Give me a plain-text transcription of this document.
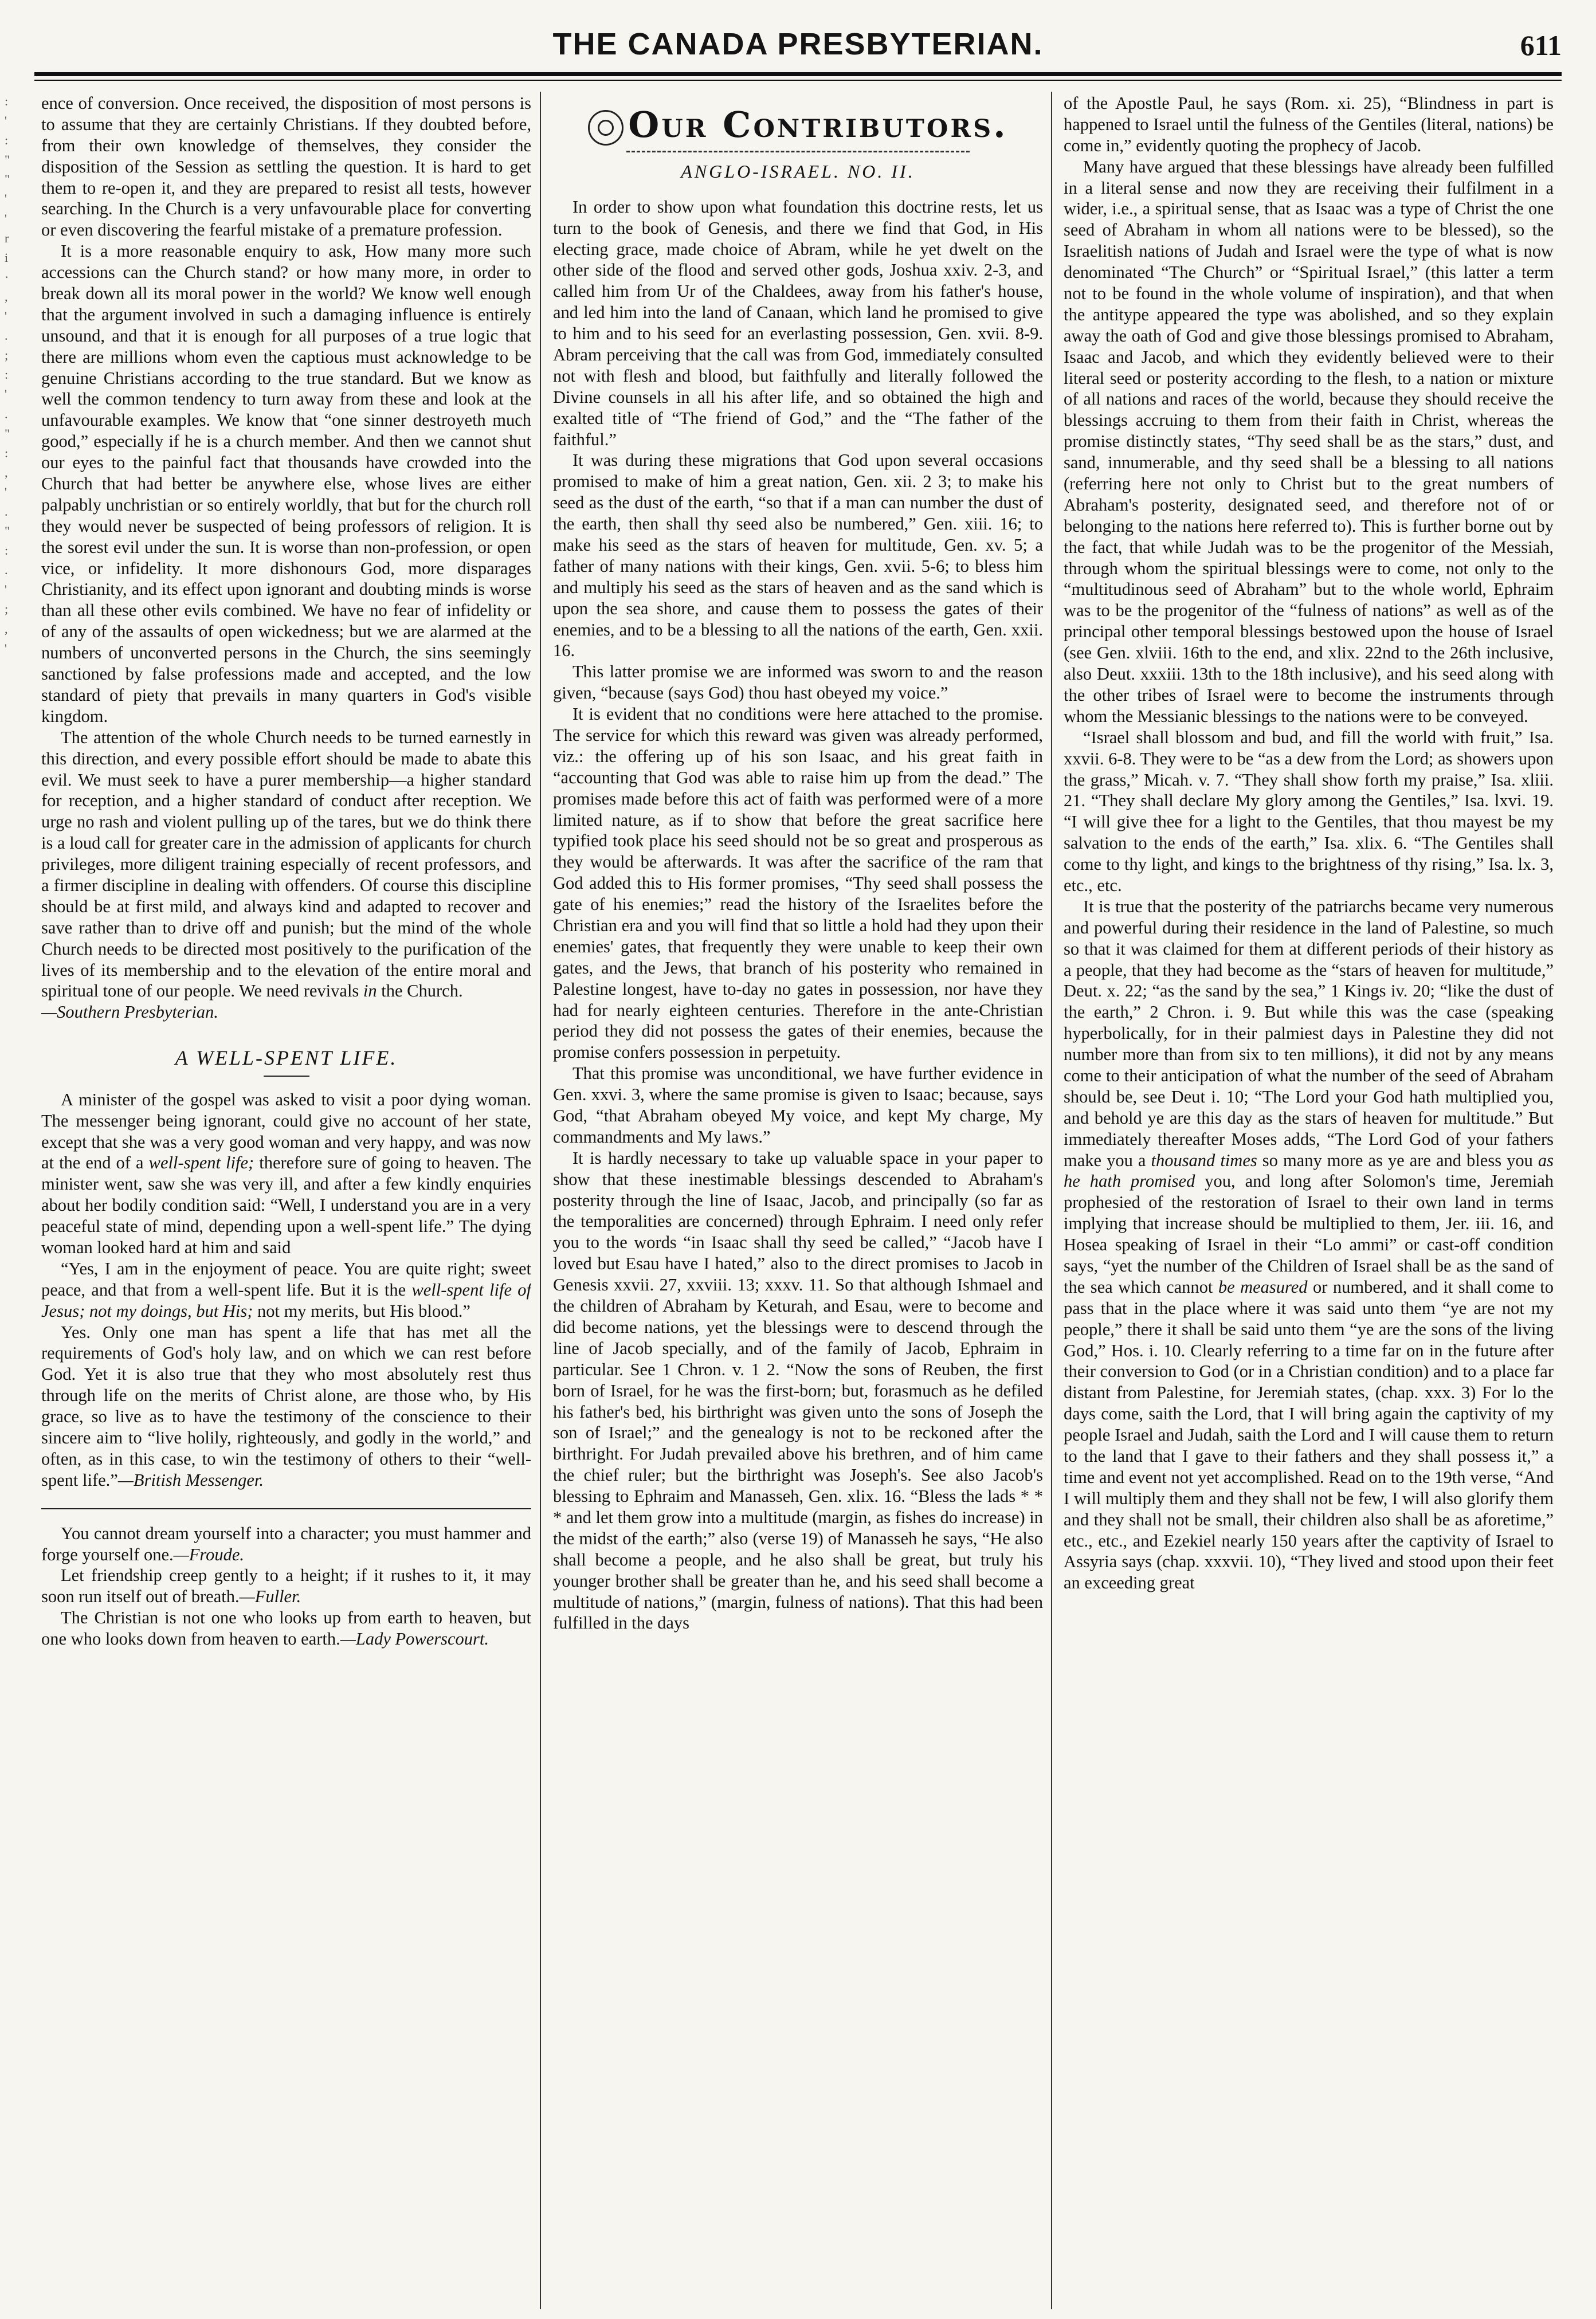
THE CANADA PRESBYTERIAN.	611
:
'
:
"
"
'
'
r
i
·
,
'
.
;
:
'
.
"
:
,
'
.
"
:
.
'
;
,
'

ence of conversion. Once received, the disposition of most persons is to assume that they are certainly Christians. If they doubted before, from their own knowledge of themselves, they consider the disposition of the Session as settling the question. It is hard to get them to re-open it, and they are prepared to resist all tests, however searching. In the Church is a very unfavourable place for converting or even discovering the fearful mistake of a premature profession.

It is a more reasonable enquiry to ask, How many more such accessions can the Church stand? or how many more, in order to break down all its moral power in the world? We know well enough that the argument involved in such a damaging influence is entirely unsound, and that it is enough for all purposes of a true logic that there are millions whom even the captious must acknowledge to be genuine Christians according to the true standard. But we know as well the common tendency to turn away from these and look at the unfavourable examples. We know that “one sinner destroyeth much good,” especially if he is a church member. And then we cannot shut our eyes to the painful fact that thousands have crowded into the Church that had better be anywhere else, whose lives are either palpably unchristian or so entirely worldly, that but for the church roll they would never be suspected of being professors of religion. It is the sorest evil under the sun. It is worse than non-profession, or open vice, or infidelity. It more dishonours God, more disparages Christianity, and its effect upon ignorant and doubting minds is worse than all these other evils combined. We have no fear of infidelity or of any of the assaults of open wickedness; but we are alarmed at the numbers of unconverted persons in the Church, the sins seemingly sanctioned by false professions made and accepted, and the low standard of piety that prevails in many quarters in God's visible kingdom.

The attention of the whole Church needs to be turned earnestly in this direction, and every possible effort should be made to abate this evil. We must seek to have a purer membership—a higher standard for reception, and a higher standard of conduct after reception. We urge no rash and violent pulling up of the tares, but we do think there is a loud call for greater care in the admission of applicants for church privileges, more diligent training especially of recent professors, and a firmer discipline in dealing with offenders. Of course this discipline should be at first mild, and always kind and adapted to recover and save rather than to drive off and punish; but the mind of the whole Church needs to be directed most positively to the purification of the lives of its membership and to the elevation of the entire moral and spiritual tone of our people. We need revivals in the Church.
—Southern Presbyterian.

A WELL-SPENT LIFE.

A minister of the gospel was asked to visit a poor dying woman. The messenger being ignorant, could give no account of her state, except that she was a very good woman and very happy, and was now at the end of a well-spent life; therefore sure of going to heaven. The minister went, saw she was very ill, and after a few kindly enquiries about her bodily condition said: “Well, I understand you are in a very peaceful state of mind, depending upon a well-spent life.” The dying woman looked hard at him and said

“Yes, I am in the enjoyment of peace. You are quite right; sweet peace, and that from a well-spent life. But it is the well-spent life of Jesus; not my doings, but His; not my merits, but His blood.”

Yes. Only one man has spent a life that has met all the requirements of God's holy law, and on which we can rest before God. Yet it is also true that they who most absolutely rest thus through life on the merits of Christ alone, are those who, by His grace, so live as to have the testimony of the conscience to their sincere aim to “live holily, righteously, and godly in the world,” and often, as in this case, to win the testimony of others to their “well-spent life.”—British Messenger.

You cannot dream yourself into a character; you must hammer and forge yourself one.—Froude.

Let friendship creep gently to a height; if it rushes to it, it may soon run itself out of breath.—Fuller.

The Christian is not one who looks up from earth to heaven, but one who looks down from heaven to earth.—Lady Powerscourt.

Our Contributors.
ANGLO-ISRAEL. NO. II.

In order to show upon what foundation this doctrine rests, let us turn to the book of Genesis, and there we find that God, in His electing grace, made choice of Abram, while he yet dwelt on the other side of the flood and served other gods, Joshua xxiv. 2-3, and called him from Ur of the Chaldees, away from his father's house, and led him into the land of Canaan, which land he promised to give to him and to his seed for an everlasting possession, Gen. xvii. 8-9. Abram perceiving that the call was from God, immediately consulted not with flesh and blood, but faithfully and literally followed the Divine counsels in all his after life, and so obtained the high and exalted title of “The friend of God,” and the “The father of the faithful.”

It was during these migrations that God upon several occasions promised to make of him a great nation, Gen. xii. 2 3; to make his seed as the dust of the earth, “so that if a man can number the dust of the earth, then shall thy seed also be numbered,” Gen. xiii. 16; to make his seed as the stars of heaven for multitude, Gen. xv. 5; a father of many nations with their kings, Gen. xvii. 5-6; to bless him and multiply his seed as the stars of heaven and as the sand which is upon the sea shore, and cause them to possess the gates of their enemies, and to be a blessing to all the nations of the earth, Gen. xxii. 16.

This latter promise we are informed was sworn to and the reason given, “because (says God) thou hast obeyed my voice.”

It is evident that no conditions were here attached to the promise. The service for which this reward was given was already performed, viz.: the offering up of his son Isaac, and his great faith in “accounting that God was able to raise him up from the dead.” The promises made before this act of faith was performed were of a more limited nature, as if to show that before the great sacrifice here typified took place his seed should not be so great and prosperous as they would be afterwards. It was after the sacrifice of the ram that God added this to His former promises, “Thy seed shall possess the gate of his enemies;” read the history of the Israelites before the Christian era and you will find that so little a hold had they upon their enemies' gates, that frequently they were unable to keep their own gates, and the Jews, that branch of his posterity who remained in Palestine longest, have to-day no gates in possession, nor have they had for nearly eighteen centuries. Therefore in the ante-Christian period they did not possess the gates of their enemies, because the promise confers possession in perpetuity.

That this promise was unconditional, we have further evidence in Gen. xxvi. 3, where the same promise is given to Isaac; because, says God, “that Abraham obeyed My voice, and kept My charge, My commandments and My laws.”

It is hardly necessary to take up valuable space in your paper to show that these inestimable blessings descended to Abraham's posterity through the line of Isaac, Jacob, and principally (so far as the temporalities are concerned) through Ephraim. I need only refer you to the words “in Isaac shall thy seed be called,” “Jacob have I loved but Esau have I hated,” also to the direct promises to Jacob in Genesis xxvii. 27, xxviii. 13; xxxv. 11. So that although Ishmael and the children of Abraham by Keturah, and Esau, were to become and did become nations, yet the blessings were to descend through the line of Jacob specially, and of the family of Jacob, Ephraim in particular. See 1 Chron. v. 1 2. “Now the sons of Reuben, the first born of Israel, for he was the first-born; but, forasmuch as he defiled his father's bed, his birthright was given unto the sons of Joseph the son of Israel;” and the genealogy is not to be reckoned after the birthright. For Judah prevailed above his brethren, and of him came the chief ruler; but the birthright was Joseph's. See also Jacob's blessing to Ephraim and Manasseh, Gen. xlix. 16. “Bless the lads * * * and let them grow into a multitude (margin, as fishes do increase) in the midst of the earth;” also (verse 19) of Manasseh he says, “He also shall become a people, and he also shall be great, but truly his younger brother shall be greater than he, and his seed shall become a multitude of nations,” (margin, fulness of nations). That this had been fulfilled in the days

of the Apostle Paul, he says (Rom. xi. 25), “Blindness in part is happened to Israel until the fulness of the Gentiles (literal, nations) be come in,” evidently quoting the prophecy of Jacob.

Many have argued that these blessings have already been fulfilled in a literal sense and now they are receiving their fulfilment in a wider, i.e., a spiritual sense, that as Isaac was a type of Christ the one seed of Abraham in whom all nations were to be blessed), so the Israelitish nations of Judah and Israel were the type of what is now denominated “The Church” or “Spiritual Israel,” (this latter a term not to be found in the whole volume of inspiration), and that when the antitype appeared the type was abolished, and so they explain away the oath of God and give those blessings promised to Abraham, Isaac and Jacob, and which they evidently believed were to their literal seed or posterity according to the flesh, to a nation or mixture of all nations and races of the world, because they should receive the blessings accruing to them from their faith in Christ, whereas the promise distinctly states, “Thy seed shall be as the stars,” dust, and sand, innumerable, and thy seed shall be a blessing to all nations (referring here not only to Christ but to the great numbers of Abraham's posterity, designated seed, and therefore not of or belonging to the nations here referred to). This is further borne out by the fact, that while Judah was to be the progenitor of the Messiah, through whom the spiritual blessings were to come, not only to the “multitudinous seed of Abraham” but to the whole world, Ephraim was to be the progenitor of the “fulness of nations” as well as of the principal other temporal blessings bestowed upon the house of Israel (see Gen. xlviii. 16th to the end, and xlix. 22nd to the 26th inclusive, also Deut. xxxiii. 13th to the 18th inclusive), and his seed along with the other tribes of Israel were to become the instruments through whom the Messianic blessings to the nations were to be conveyed.

“Israel shall blossom and bud, and fill the world with fruit,” Isa. xxvii. 6-8. They were to be “as a dew from the Lord; as showers upon the grass,” Micah. v. 7. “They shall show forth my praise,” Isa. xliii. 21. “They shall declare My glory among the Gentiles,” Isa. lxvi. 19. “I will give thee for a light to the Gentiles, that thou mayest be my salvation to the ends of the earth,” Isa. xlix. 6. “The Gentiles shall come to thy light, and kings to the brightness of thy rising,” Isa. lx. 3, etc., etc.

It is true that the posterity of the patriarchs became very numerous and powerful during their residence in the land of Palestine, so much so that it was claimed for them at different periods of their history as a people, that they had become as the “stars of heaven for multitude,” Deut. x. 22; “as the sand by the sea,” 1 Kings iv. 20; “like the dust of the earth,” 2 Chron. i. 9. But while this was the case (speaking hyperbolically, for in their palmiest days in Palestine they did not number more than from six to ten millions), it did not by any means come to their anticipation of what the number of the seed of Abraham should be, see Deut i. 10; “The Lord your God hath multiplied you, and behold ye are this day as the stars of heaven for multitude.” But immediately thereafter Moses adds, “The Lord God of your fathers make you a thousand times so many more as ye are and bless you as he hath promised you, and long after Solomon's time, Jeremiah prophesied of the restoration of Israel to their own land in terms implying that increase should be multiplied to them, Jer. iii. 16, and Hosea speaking of Israel in their “Lo ammi” or cast-off condition says, “yet the number of the Children of Israel shall be as the sand of the sea which cannot be measured or numbered, and it shall come to pass that in the place where it was said unto them “ye are not my people,” there it shall be said unto them “ye are the sons of the living God,” Hos. i. 10. Clearly referring to a time far on in the future after their conversion to God (or in a Christian condition) and to a place far distant from Palestine, for Jeremiah states, (chap. xxx. 3) For lo the days come, saith the Lord, that I will bring again the captivity of my people Israel and Judah, saith the Lord and I will cause them to return to the land that I gave to their fathers and they shall possess it,” a time and event not yet accomplished. Read on to the 19th verse, “And I will multiply them and they shall not be few, I will also glorify them and they shall not be small, their children also shall be as aforetime,” etc., etc., and Ezekiel nearly 150 years after the captivity of Israel to Assyria says (chap. xxxvii. 10), “They lived and stood upon their feet an exceeding great
